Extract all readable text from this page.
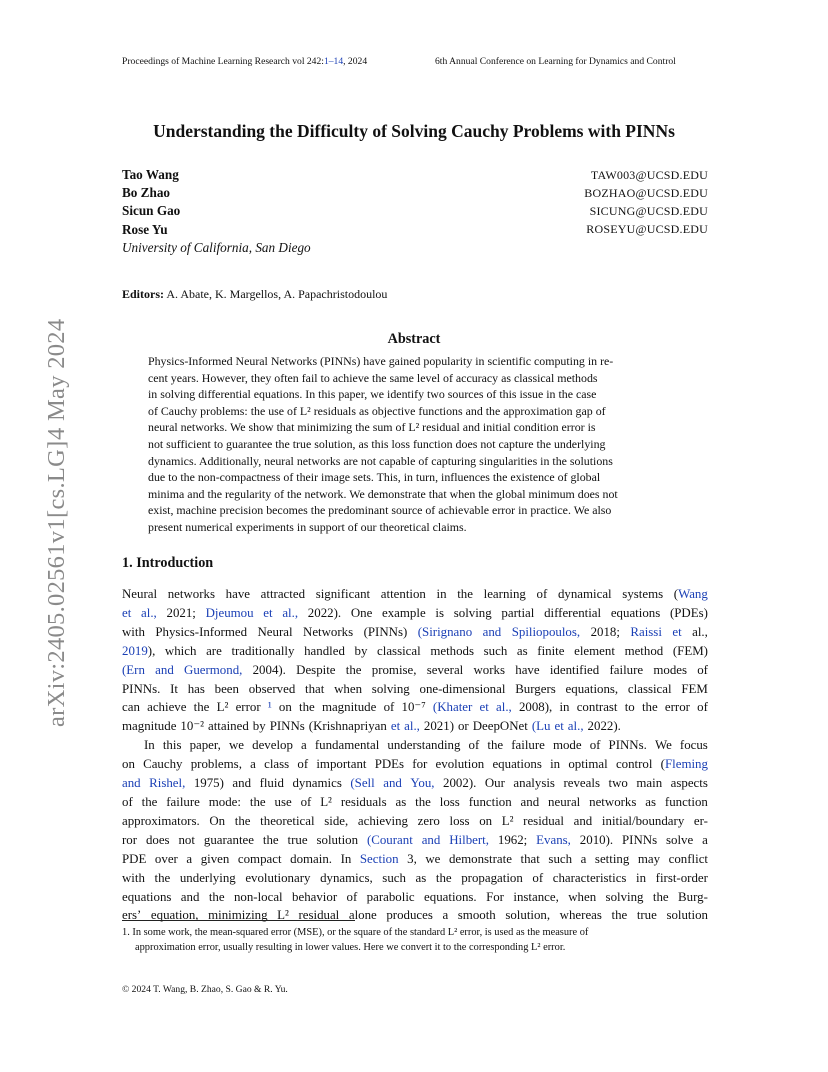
arXiv:2405.02561v1
[cs.LG]
4 May 2024
Proceedings of Machine Learning Research vol 242:1–14, 2024	6th Annual Conference on Learning for Dynamics and Control
Understanding the Difficulty of Solving Cauchy Problems with PINNs
Tao Wang	TAW003@UCSD.EDU
Bo Zhao	BOZHAO@UCSD.EDU
Sicun Gao	SICUNG@UCSD.EDU
Rose Yu	ROSEYU@UCSD.EDU
University of California, San Diego
Editors: A. Abate, K. Margellos, A. Papachristodoulou
Abstract
Physics-Informed Neural Networks (PINNs) have gained popularity in scientific computing in re-
cent years. However, they often fail to achieve the same level of accuracy as classical methods
in solving differential equations. In this paper, we identify two sources of this issue in the case
of Cauchy problems: the use of L² residuals as objective functions and the approximation gap of
neural networks. We show that minimizing the sum of L² residual and initial condition error is
not sufficient to guarantee the true solution, as this loss function does not capture the underlying
dynamics. Additionally, neural networks are not capable of capturing singularities in the solutions
due to the non-compactness of their image sets. This, in turn, influences the existence of global
minima and the regularity of the network. We demonstrate that when the global minimum does not
exist, machine precision becomes the predominant source of achievable error in practice. We also
present numerical experiments in support of our theoretical claims.
1. Introduction
Neural networks have attracted significant attention in the learning of dynamical systems (Wang
et al., 2021; Djeumou et al., 2022). One example is solving partial differential equations (PDEs)
with Physics-Informed Neural Networks (PINNs) (Sirignano and Spiliopoulos, 2018; Raissi et al.,
2019), which are traditionally handled by classical methods such as finite element method (FEM)
(Ern and Guermond, 2004). Despite the promise, several works have identified failure modes of
PINNs. It has been observed that when solving one-dimensional Burgers equations, classical FEM
can achieve the L² error ¹ on the magnitude of 10⁻⁷ (Khater et al., 2008), in contrast to the error of
magnitude 10⁻² attained by PINNs (Krishnapriyan et al., 2021) or DeepONet (Lu et al., 2022).
In this paper, we develop a fundamental understanding of the failure mode of PINNs. We focus
on Cauchy problems, a class of important PDEs for evolution equations in optimal control (Fleming
and Rishel, 1975) and fluid dynamics (Sell and You, 2002). Our analysis reveals two main aspects
of the failure mode: the use of L² residuals as the loss function and neural networks as function
approximators. On the theoretical side, achieving zero loss on L² residual and initial/boundary er-
ror does not guarantee the true solution (Courant and Hilbert, 1962; Evans, 2010). PINNs solve a
PDE over a given compact domain. In Section 3, we demonstrate that such a setting may conflict
with the underlying evolutionary dynamics, such as the propagation of characteristics in first-order
equations and the non-local behavior of parabolic equations. For instance, when solving the Burg-
ers’ equation, minimizing L² residual alone produces a smooth solution, whereas the true solution
1. In some work, the mean-squared error (MSE), or the square of the standard L² error, is used as the measure of
approximation error, usually resulting in lower values. Here we convert it to the corresponding L² error.
© 2024 T. Wang, B. Zhao, S. Gao & R. Yu.
